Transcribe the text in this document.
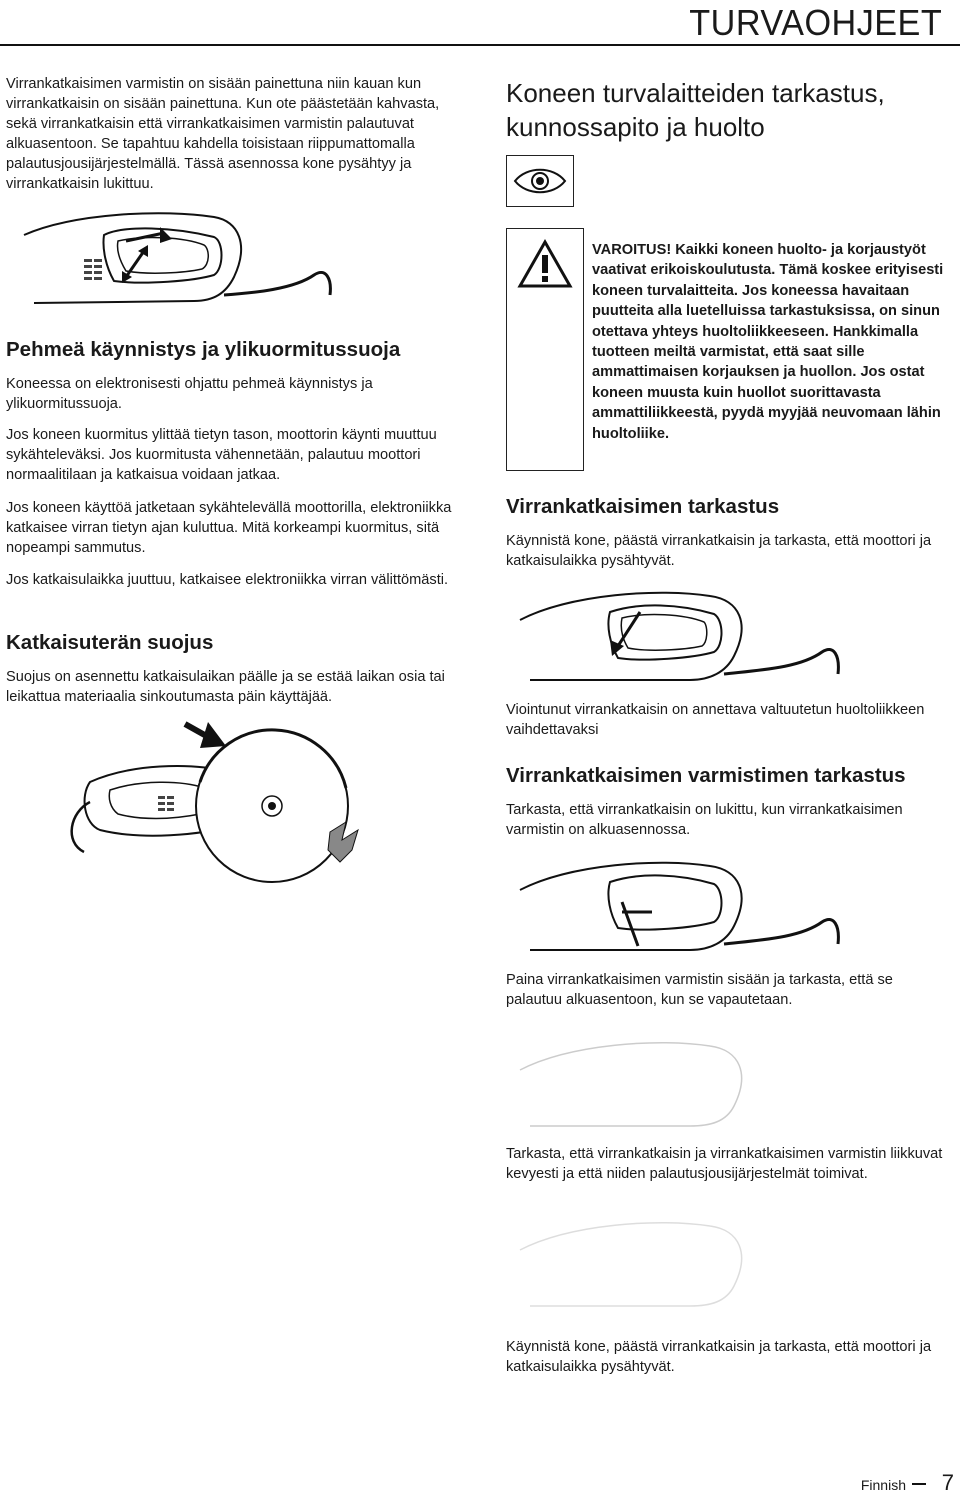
TURVAOHJEET

Virrankatkaisimen varmistin on sisään painettuna niin kauan kun virrankatkaisin on sisään painettuna. Kun ote päästetään kahvasta, sekä virrankatkaisin että virrankatkaisimen varmistin palautuvat alkuasentoon. Se tapahtuu kahdella toisistaan riippumattomalla palautusjousijärjestelmällä. Tässä asennossa kone pysähtyy ja virrankatkaisin lukittuu.

Pehmeä käynnistys ja ylikuormitussuoja

Koneessa on elektronisesti ohjattu pehmeä käynnistys ja ylikuormitussuoja.

Jos koneen kuormitus ylittää tietyn tason, moottorin käynti muuttuu sykähteleväksi. Jos kuormitusta vähennetään, palautuu moottori normaalitilaan ja katkaisua voidaan jatkaa.

Jos koneen käyttöä jatketaan sykähtelevällä moottorilla, elektroniikka katkaisee virran tietyn ajan kuluttua. Mitä korkeampi kuormitus, sitä nopeampi sammutus.

Jos katkaisulaikka juuttuu, katkaisee elektroniikka virran välittömästi.

Katkaisuterän suojus

Suojus on asennettu katkaisulaikan päälle ja se estää laikan osia tai leikattua materiaalia sinkoutumasta päin käyttäjää.

Koneen turvalaitteiden tarkastus, kunnossapito ja huolto
VAROITUS! Kaikki koneen huolto- ja korjaustyöt vaativat erikoiskoulutusta. Tämä koskee erityisesti koneen turvalaitteita. Jos koneessa havaitaan puutteita alla luetelluissa tarkastuksissa, on sinun otettava yhteys huoltoliikkeeseen. Hankkimalla tuotteen meiltä varmistat, että saat sille ammattimaisen korjauksen ja huollon. Jos ostat koneen muusta kuin huollot suorittavasta ammattiliikkeestä, pyydä myyjää neuvomaan lähin huoltoliike.
Virrankatkaisimen tarkastus

Käynnistä kone, päästä virrankatkaisin ja tarkasta, että moottori ja katkaisulaikka pysähtyvät.

Viointunut virrankatkaisin on annettava valtuutetun huoltoliikkeen vaihdettavaksi

Virrankatkaisimen varmistimen tarkastus

Tarkasta, että virrankatkaisin on lukittu, kun virrankatkaisimen varmistin on alkuasennossa.

Paina virrankatkaisimen varmistin sisään ja tarkasta, että se palautuu alkuasentoon, kun se vapautetaan.

Tarkasta, että virrankatkaisin ja virrankatkaisimen varmistin liikkuvat kevyesti ja että niiden palautusjousijärjestelmät toimivat.

Käynnistä kone, päästä virrankatkaisin ja tarkasta, että moottori ja katkaisulaikka pysähtyvät.

Finnish 7
